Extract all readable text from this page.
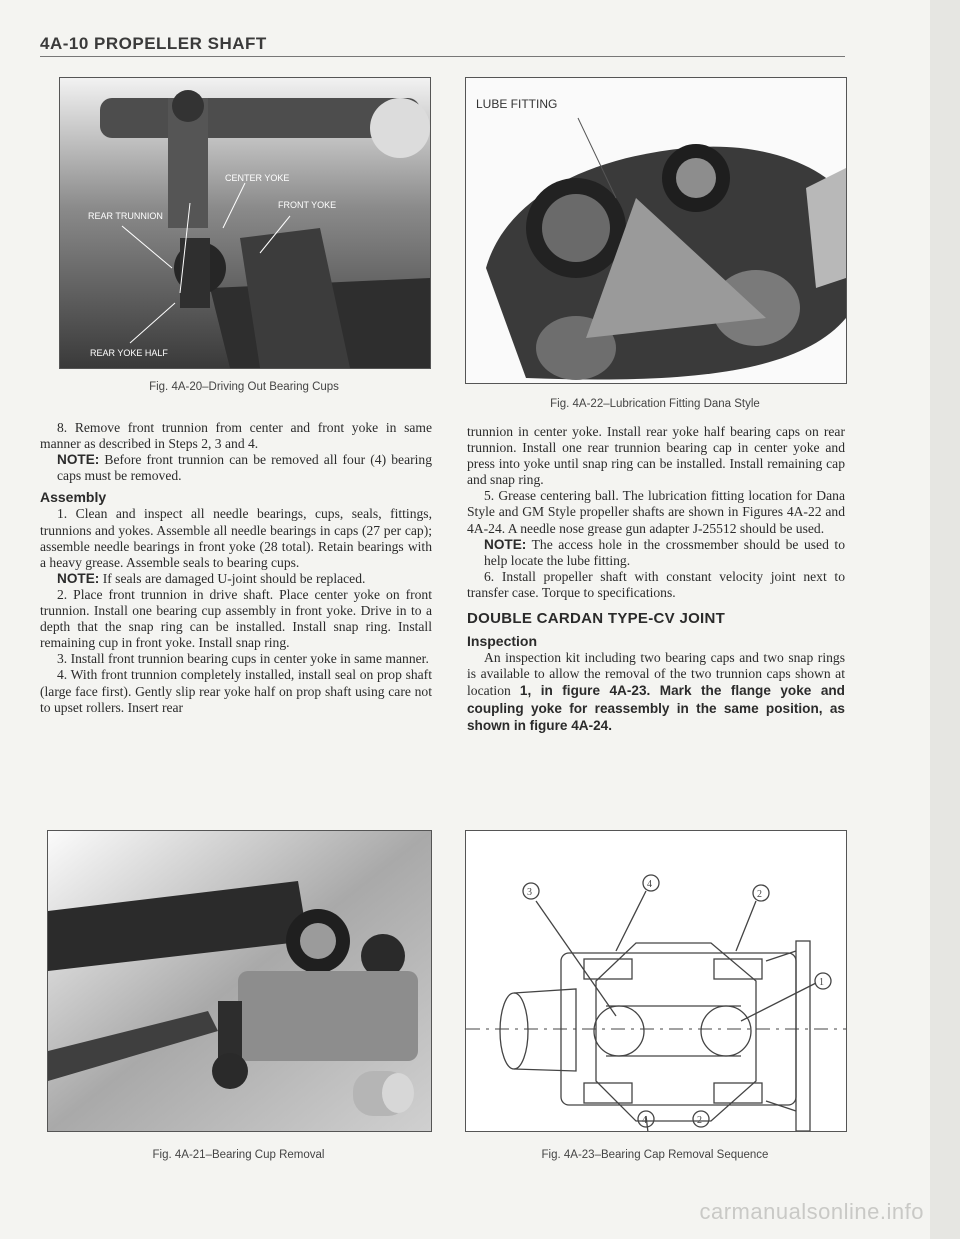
4A-10 PROPELLER SHAFT
CENTER YOKE
REAR TRUNNION
FRONT YOKE
REAR YOKE HALF
Fig. 4A-20–Driving Out Bearing Cups
LUBE FITTING
Fig. 4A-22–Lubrication Fitting Dana Style

8. Remove front trunnion from center and front yoke in same manner as described in Steps 2, 3 and 4.

NOTE: Before front trunnion can be removed all four (4) bearing caps must be removed.

Assembly

1. Clean and inspect all needle bearings, cups, seals, fittings, trunnions and yokes. Assemble all needle bearings in caps (27 per cap); assemble needle bearings in front yoke (28 total). Retain bearings with a heavy grease. Assemble seals to bearing cups.

NOTE: If seals are damaged U-joint should be replaced.

2. Place front trunnion in drive shaft. Place center yoke on front trunnion. Install one bearing cup assembly in front yoke. Drive in to a depth that the snap ring can be installed. Install snap ring. Install remaining cup in front yoke. Install snap ring.

3. Install front trunnion bearing cups in center yoke in same manner.

4. With front trunnion completely installed, install seal on prop shaft (large face first). Gently slip rear yoke half on prop shaft using care not to upset rollers. Insert rear

trunnion in center yoke. Install rear yoke half bearing caps on rear trunnion. Install one rear trunnion bearing cap in center yoke and press into yoke until snap ring can be installed. Install remaining cap and snap ring.

5. Grease centering ball. The lubrication fitting location for Dana Style and GM Style propeller shafts are shown in Figures 4A-22 and 4A-24. A needle nose grease gun adapter J-25512 should be used.

NOTE: The access hole in the crossmember should be used to help locate the lube fitting.

6. Install propeller shaft with constant velocity joint next to transfer case. Torque to specifications.

DOUBLE CARDAN TYPE-CV JOINT
Inspection

An inspection kit including two bearing caps and two snap rings is available to allow the removal of the two trunnion caps shown at location 1, in figure 4A-23. Mark the flange yoke and coupling yoke for reassembly in the same position, as shown in figure 4A-24.

Fig. 4A-21–Bearing Cup Removal
3
4
2
1
4	2
Fig. 4A-23–Bearing Cap Removal Sequence
carmanualsonline.info
